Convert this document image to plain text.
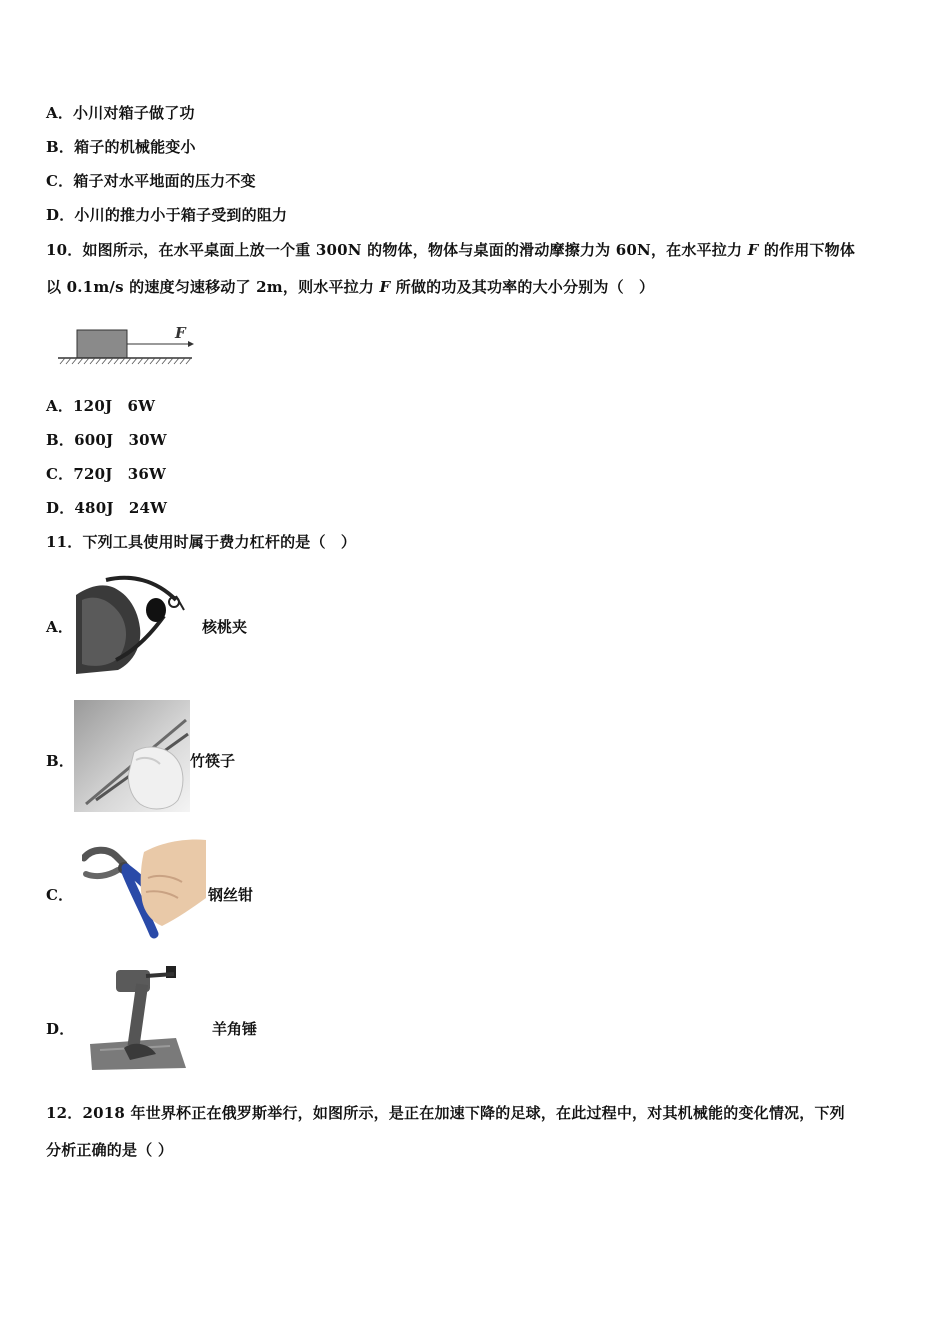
A．小川对箱子做了功
B．箱子的机械能变小
C．箱子对水平地面的压力不变
D．小川的推力小于箱子受到的阻力
10．如图所示，在水平桌面上放一个重 300N 的物体，物体与桌面的滑动摩擦力为 60N，在水平拉力 F 的作用下物体
以 0.1m/s 的速度匀速移动了 2m，则水平拉力 F 所做的功及其功率的大小分别为（　）
F
A．120J　6W
B．600J　30W
C．720J　36W
D．480J　24W
11．下列工具使用时属于费力杠杆的是（　）
A．	核桃夹
B．	竹筷子
C．	钢丝钳
D．	羊角锤
12．2018 年世界杯正在俄罗斯举行，如图所示，是正在加速下降的足球，在此过程中，对其机械能的变化情况，下列
分析正确的是（ ）
